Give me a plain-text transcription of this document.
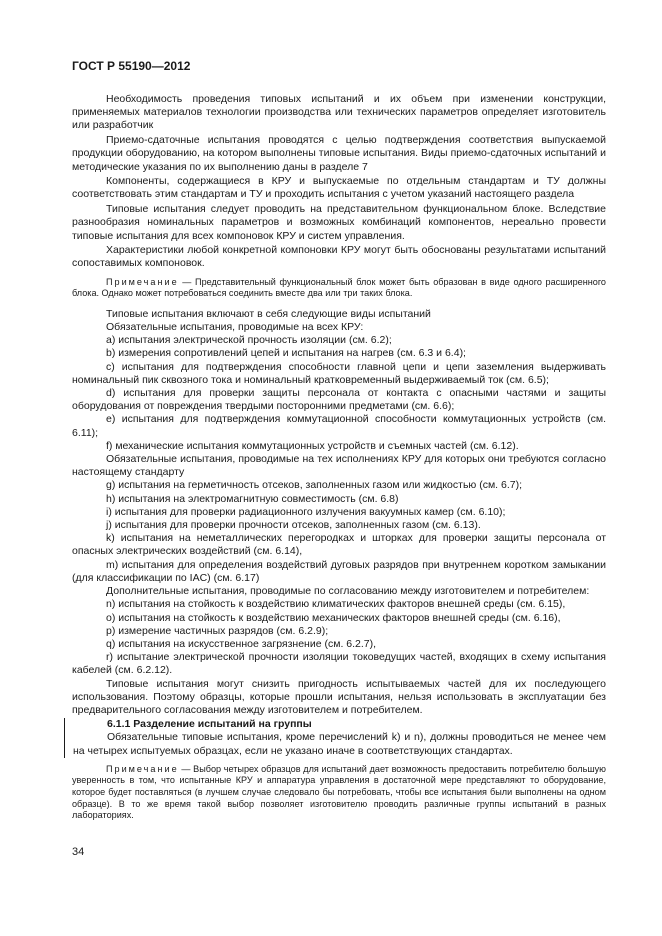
ГОСТ Р 55190—2012

Необходимость проведения типовых испытаний и их объем при изменении конструкции, применяемых материалов технологии производства или технических параметров определяет изготовитель или разработчик

Приемо-сдаточные испытания проводятся с целью подтверждения соответствия выпускаемой продукции оборудованию, на котором выполнены типовые испытания. Виды приемо-сдаточных испытаний и методические указания по их выполнению даны в разделе 7

Компоненты, содержащиеся в КРУ и выпускаемые по отдельным стандартам и ТУ должны соответствовать этим стандартам и ТУ и проходить испытания с учетом указаний настоящего раздела

Типовые испытания следует проводить на представительном функциональном блоке. Вследствие разнообразия номинальных параметров и возможных комбинаций компонентов, нереально провести типовые испытания для всех компоновок КРУ и систем управления.

Характеристики любой конкретной компоновки КРУ могут быть обоснованы результатами испытаний сопоставимых компоновок.

Примечание — Представительный функциональный блок может быть образован в виде одного расширенного блока. Однако может потребоваться соединить вместе два или три таких блока.

Типовые испытания включают в себя следующие виды испытаний

Обязательные испытания, проводимые на всех КРУ:

a) испытания электрической прочность изоляции (см. 6.2);

b) измерения сопротивлений цепей и испытания на нагрев (см. 6.3 и 6.4);

c) испытания для подтверждения способности главной цепи и цепи заземления выдерживать номинальный пик сквозного тока и номинальный кратковременный выдерживаемый ток (см. 6.5);

d) испытания для проверки защиты персонала от контакта с опасными частями и защиты оборудования от повреждения твердыми посторонними предметами (см. 6.6);

e) испытания для подтверждения коммутационной способности коммутационных устройств (см. 6.11);

f) механические испытания коммутационных устройств и съемных частей (см. 6.12).

Обязательные испытания, проводимые на тех исполнениях КРУ для которых они требуются согласно настоящему стандарту

g) испытания на герметичность отсеков, заполненных газом или жидкостью (см. 6.7);

h) испытания на электромагнитную совместимость (см. 6.8)

i) испытания для проверки радиационного излучения вакуумных камер (см. 6.10);

j) испытания для проверки прочности отсеков, заполненных газом (см. 6.13).

k) испытания на неметаллических перегородках и шторках для проверки защиты персонала от опасных электрических воздействий (см. 6.14),

m) испытания для определения воздействий дуговых разрядов при внутреннем коротком замыкании (для классификации по IAC) (см. 6.17)

Дополнительные испытания, проводимые по согласованию между изготовителем и потребителем:

n) испытания на стойкость к воздействию климатических факторов внешней среды (см. 6.15),

o) испытания на стойкость к воздействию механических факторов внешней среды (см. 6.16),

p) измерение частичных разрядов (см. 6.2.9);

q) испытания на искусственное загрязнение (см. 6.2.7),

r) испытание электрической прочности изоляции токоведущих частей, входящих в схему испытания кабелей (см. 6.2.12).

Типовые испытания могут снизить пригодность испытываемых частей для их последующего использования. Поэтому образцы, которые прошли испытания, нельзя использовать в эксплуатации без предварительного согласования между изготовителем и потребителем.

6.1.1 Разделение испытаний на группы

Обязательные типовые испытания, кроме перечислений k) и n), должны проводиться не менее чем на четырех испытуемых образцах, если не указано иначе в соответствующих стандартах.

Примечание — Выбор четырех образцов для испытаний дает возможность предоставить потребителю большую уверенность в том, что испытанные КРУ и аппаратура управления в достаточной мере представляют то оборудование, которое будет поставляться (в лучшем случае следовало бы потребовать, чтобы все испытания были выполнены на одном образце). В то же время такой выбор позволяет изготовителю проводить различные группы испытаний в разных лабораториях.

34
